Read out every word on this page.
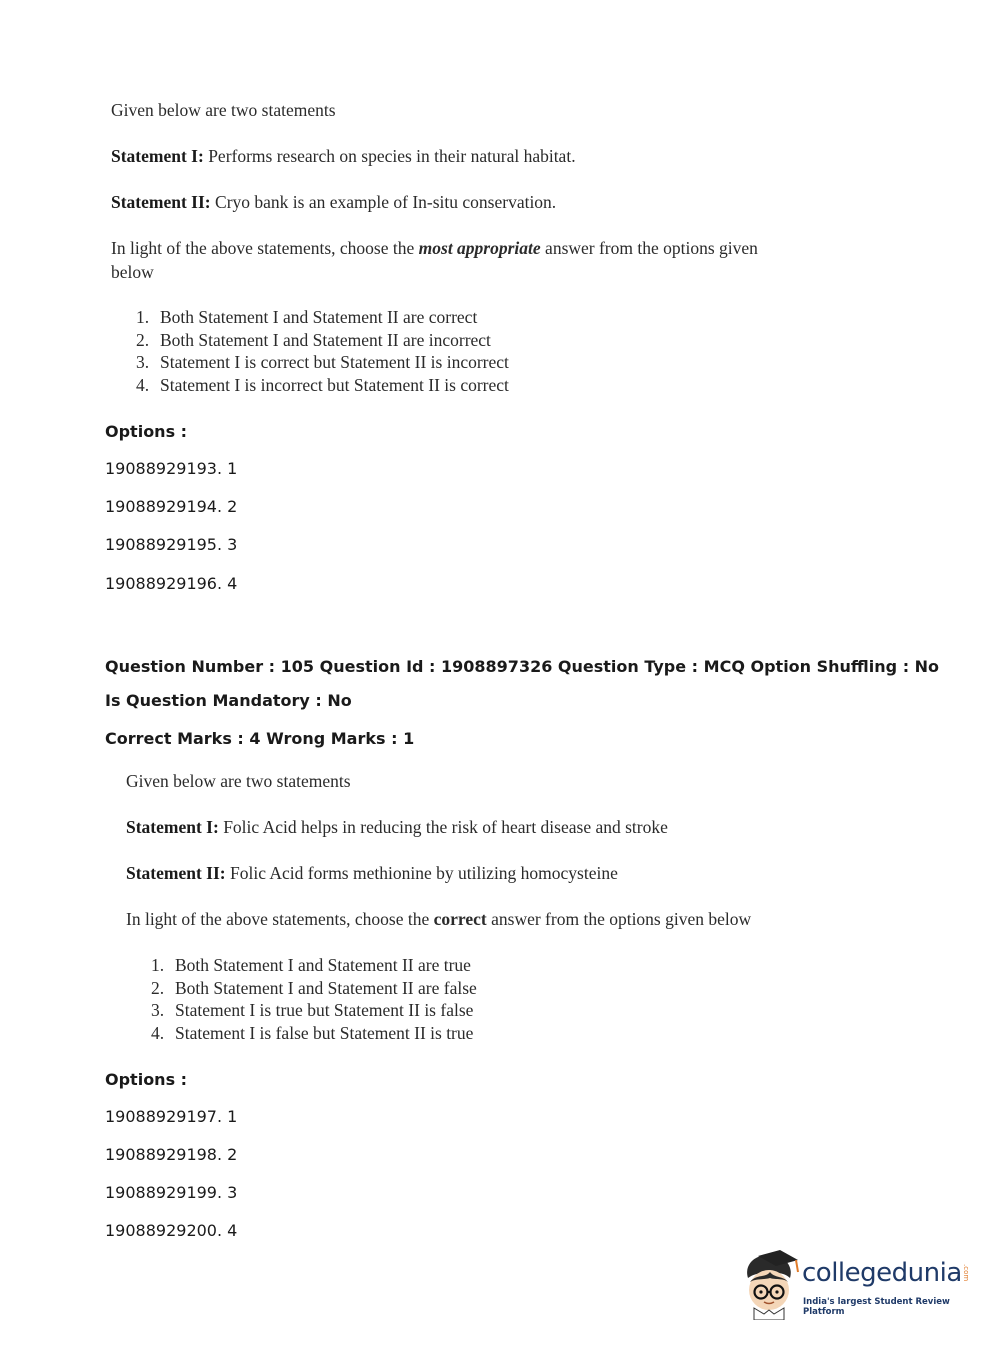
Given below are two statements
Statement I: Performs research on species in their natural habitat.
Statement II: Cryo bank is an example of In-situ conservation.
In light of the above statements, choose the most appropriate answer from the options given
below
1. Both Statement I and Statement II are correct
2. Both Statement I and Statement II are incorrect
3. Statement I is correct but Statement II is incorrect
4. Statement I is incorrect but Statement II is correct
Options :
19088929193. 1
19088929194. 2
19088929195. 3
19088929196. 4
Question Number : 105 Question Id : 1908897326 Question Type : MCQ Option Shuffling : No
Is Question Mandatory : No
Correct Marks : 4 Wrong Marks : 1
Given below are two statements
Statement I: Folic Acid helps in reducing the risk of heart disease and stroke
Statement II: Folic Acid forms methionine by utilizing homocysteine
In light of the above statements, choose the correct answer from the options given below
1. Both Statement I and Statement II are true
2. Both Statement I and Statement II are false
3. Statement I is true but Statement II is false
4. Statement I is false but Statement II is true
Options :
19088929197. 1
19088929198. 2
19088929199. 3
19088929200. 4
collegedunia .com
India's largest Student Review Platform
